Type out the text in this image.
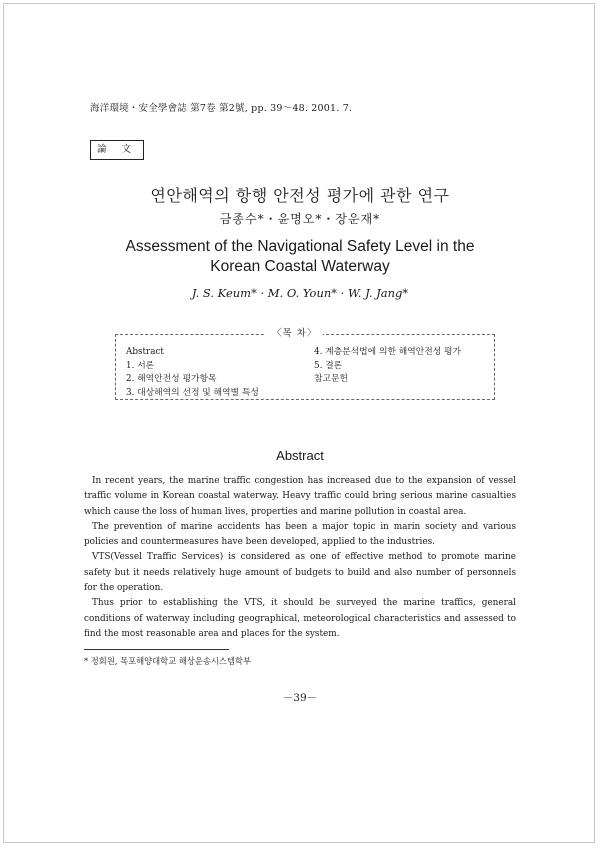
海洋環境・安全學會誌 第7卷 第2號, pp. 39～48. 2001. 7.
論 文
연안해역의 항행 안전성 평가에 관한 연구
금종수*・윤명오*・장운재*
Assessment of the Navigational Safety Level in the Korean Coastal Waterway
J. S. Keum* · M. O. Youn* · W. J. Jang*
〈목 차〉
Abstract
1. 서론
2. 해역안전성 평가항목
3. 대상해역의 선정 및 해역별 특성
4. 계층분석법에 의한 해역안전성 평가
5. 결론
참고문헌
Abstract

In recent years, the marine traffic congestion has increased due to the expansion of vessel traffic volume in Korean coastal waterway. Heavy traffic could bring serious marine casualties which cause the loss of human lives, properties and marine pollution in coastal area.

The prevention of marine accidents has been a major topic in marin society and various policies and countermeasures have been developed, applied to the industries.

VTS(Vessel Traffic Services) is considered as one of effective method to promote marine safety but it needs relatively huge amount of budgets to build and also number of personnels for the operation.

Thus prior to establishing the VTS, it should be surveyed the marine traffics, general conditions of waterway including geographical, meteorological characteristics and assessed to find the most reasonable area and places for the system.

* 정회원, 목포해양대학교 해상운송시스템학부
－39－
